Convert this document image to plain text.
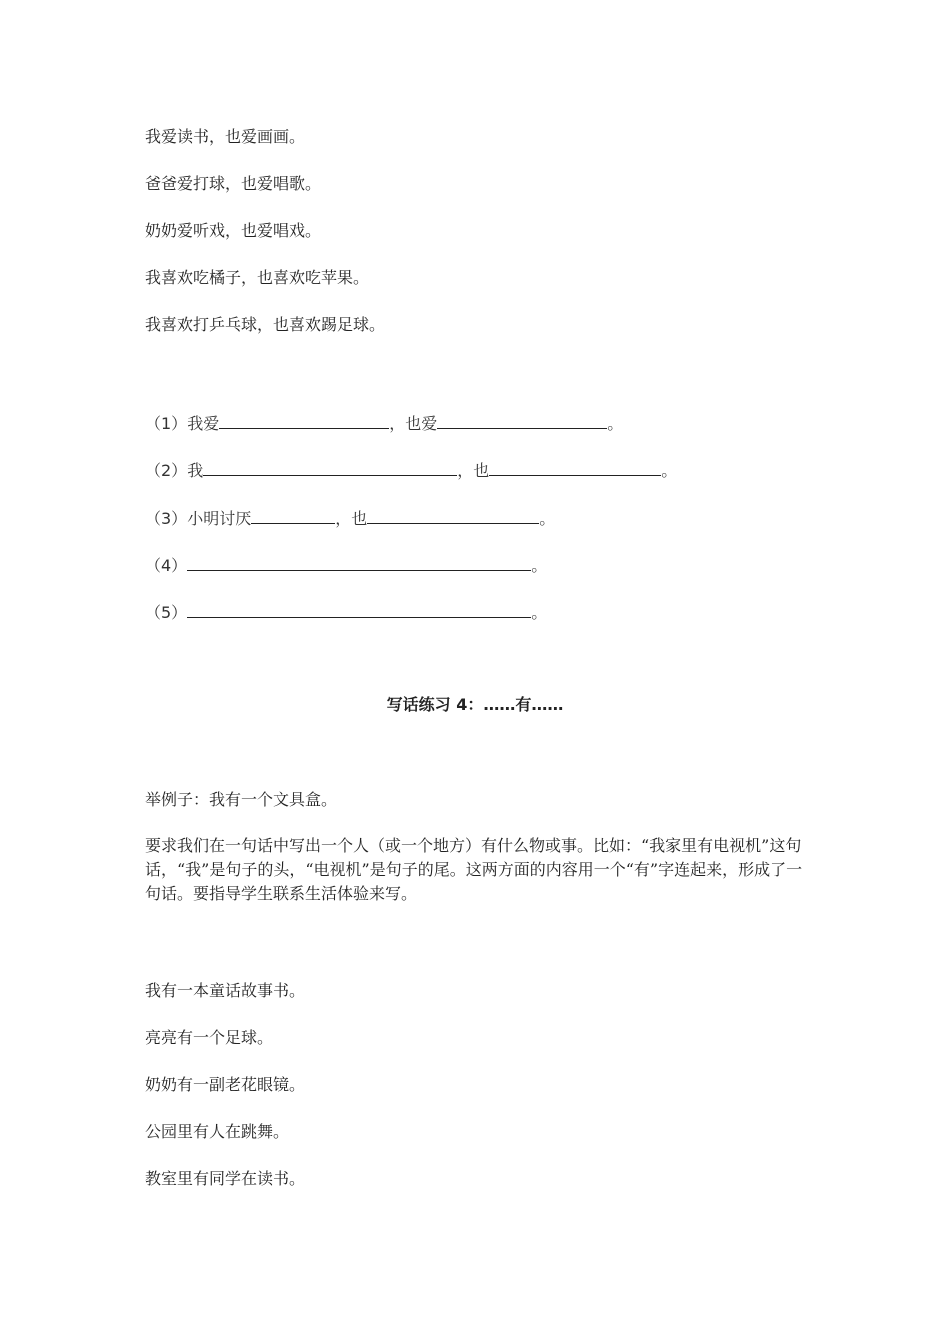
我爱读书，也爱画画。
爸爸爱打球，也爱唱歌。
奶奶爱听戏，也爱唱戏。
我喜欢吃橘子，也喜欢吃苹果。
我喜欢打乒乓球，也喜欢踢足球。
（1）我爱	，也爱	。
（2）我	，也	。
（3）小明讨厌	，也	。
（4）	。
（5）	。
写话练习 4：……有……
举例子：我有一个文具盒。
要求我们在一句话中写出一个人（或一个地方）有什么物或事。比如：“我家里有电视机”这句话，“我”是句子的头，“电视机”是句子的尾。这两方面的内容用一个“有”字连起来，形成了一句话。要指导学生联系生活体验来写。
我有一本童话故事书。
亮亮有一个足球。
奶奶有一副老花眼镜。
公园里有人在跳舞。
教室里有同学在读书。
